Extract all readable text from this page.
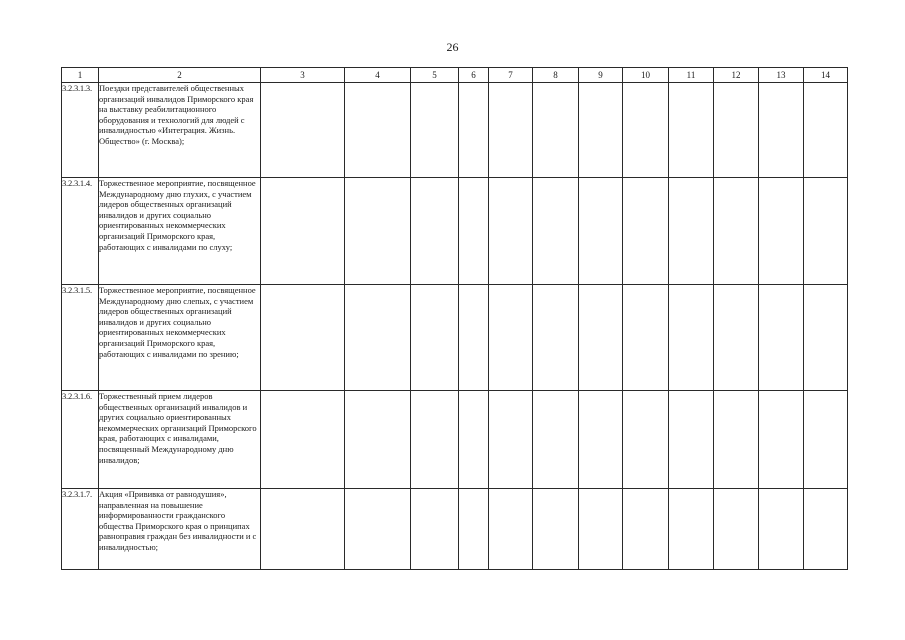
26
1	2	3	4	5	6	7	8	9	10	11	12	13	14
3.2.3.1.3.	Поездки представителей общественных организаций инвалидов Приморского края на выставку реабилитационного оборудования и технологий для людей с инвалидностью «Интеграция. Жизнь. Общество» (г. Москва);												
3.2.3.1.4.	Торжественное мероприятие, посвященное Международному дню глухих, с участием лидеров общественных организаций инвалидов и других социально ориентированных некоммерческих организаций Приморского края, работающих с инвалидами по слуху;												
3.2.3.1.5.	Торжественное мероприятие, посвященное Международному дню слепых, с участием лидеров общественных организаций инвалидов и других социально ориентированных некоммерческих организаций Приморского края, работающих с инвалидами по зрению;												
3.2.3.1.6.	Торжественный прием лидеров общественных организаций инвалидов и других социально ориентированных некоммерческих организаций Приморского края, работающих с инвалидами, посвященный Международному дню инвалидов;												
3.2.3.1.7.	Акция «Прививка от равнодушия», направленная на повышение информированности гражданского общества Приморского края о принципах равноправия граждан без инвалидности и с инвалидностью;												
